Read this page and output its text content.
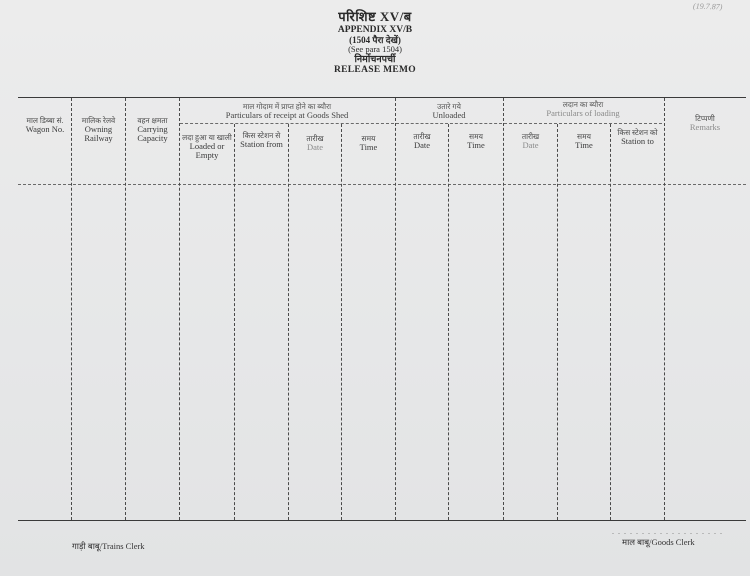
(19.7.87)
परिशिष्ट XV/ब
APPENDIX XV/B
(1504 पैरा देखें)
(See para 1504)
निर्मोचनपर्ची
RELEASE MEMO
माल डिब्बा सं.
Wagon No.
मालिक रेलवे
Owning Railway
वहन क्षमता
Carrying Capacity
टिप्पणी
Remarks
माल गोदाम में प्राप्त होने का ब्यौरा
Particulars of receipt at Goods Shed
उतारे गये
Unloaded
लदान का ब्यौरा
Particulars of loading
लदा हुआ या खाली
Loaded or Empty
किस स्टेशन से
Station from
तारीख
Date
समय
Time
तारीख
Date
समय
Time
तारीख
Date
समय
Time
किस स्टेशन को
Station to
. . . . . . . . . . . . . . . . . . .
गाड़ी बाबू/Trains Clerk	माल बाबू/Goods Clerk
